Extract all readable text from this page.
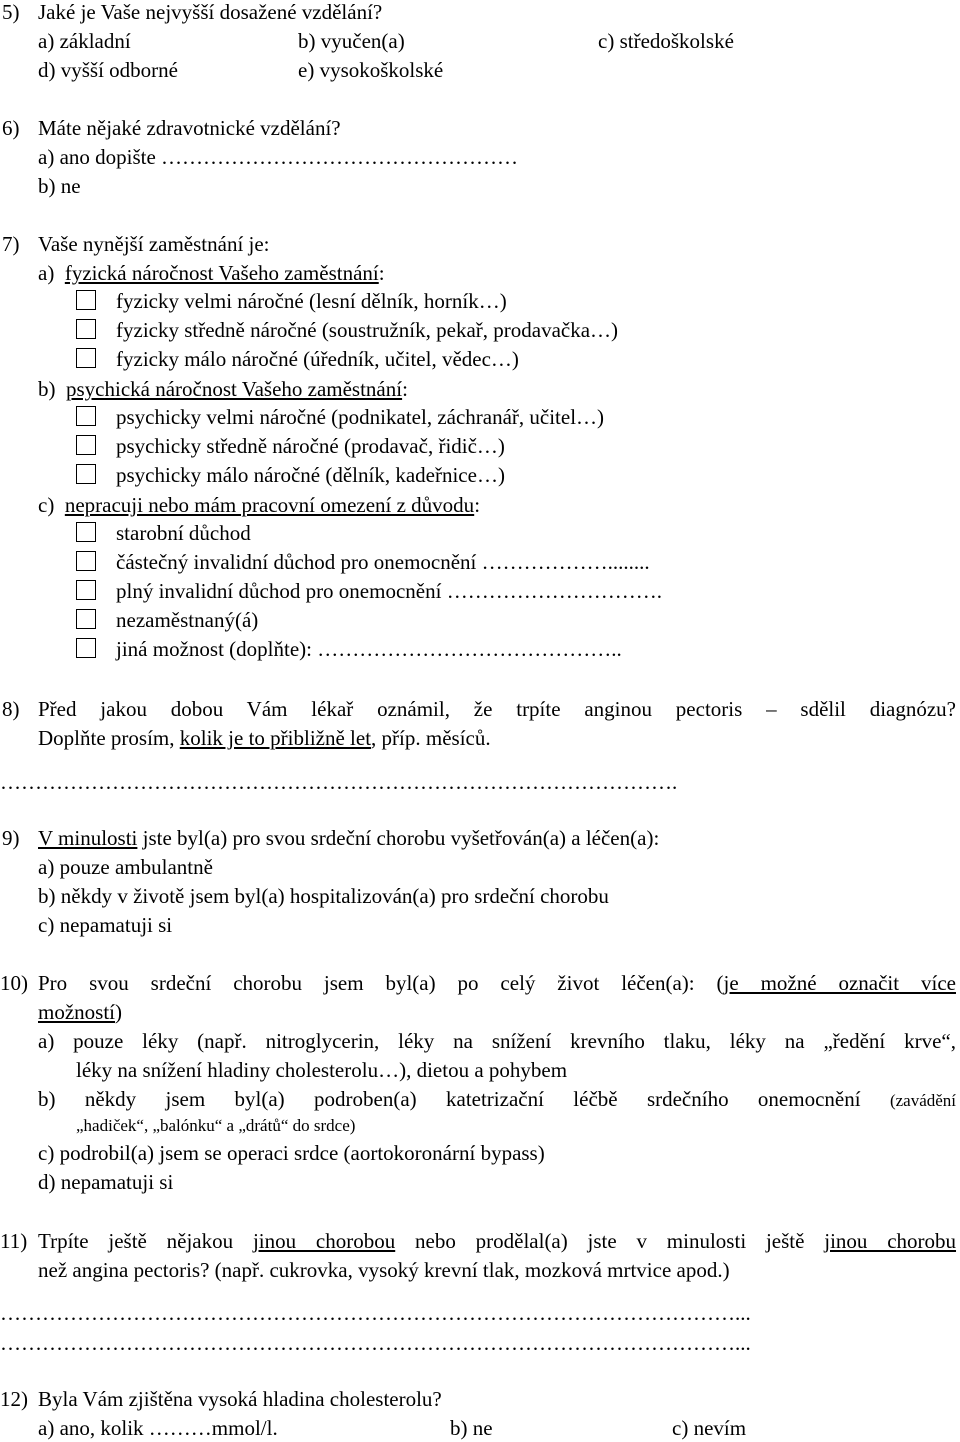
5) Jaké je Vaše nejvyšší dosažené vzdělání?
a) základní	b) vyučen(a)	c) středoškolské
d) vyšší odborné	e) vysokoškolské
6) Máte nějaké zdravotnické vzdělání?
a) ano dopište ……………………………………………
b) ne
7) Vaše nynější zaměstnání je:
a) fyzická náročnost Vašeho zaměstnání:
fyzicky velmi náročné (lesní dělník, horník…)
fyzicky středně náročné (soustružník, pekař, prodavačka…)
fyzicky málo náročné (úředník, učitel, vědec…)
b) psychická náročnost Vašeho zaměstnání:
psychicky velmi náročné (podnikatel, záchranář, učitel…)
psychicky středně náročné (prodavač, řidič…)
psychicky málo náročné (dělník, kadeřnice…)
c) nepracuji nebo mám pracovní omezení z důvodu:
starobní důchod
částečný invalidní důchod pro onemocnění ………………........
plný invalidní důchod pro onemocnění ………………………….
nezaměstnaný(á)
jiná možnost (doplňte): ……………………………………..
8) Před jakou dobou Vám lékař oznámil, že trpíte anginou pectoris – sdělil diagnózu?
Doplňte prosím, kolik je to přibližně let, příp. měsíců.
…………………………………………………………………………………….
9) V minulosti jste byl(a) pro svou srdeční chorobu vyšetřován(a) a léčen(a):
a) pouze ambulantně
b) někdy v životě jsem byl(a) hospitalizován(a) pro srdeční chorobu
c) nepamatuji si
10) Pro svou srdeční chorobu jsem byl(a) po celý život léčen(a): (je možné označit více
možností)
a) pouze léky (např. nitroglycerin, léky na snížení krevního tlaku, léky na „ředění krve“,
léky na snížení hladiny cholesterolu…), dietou a pohybem
b) někdy jsem byl(a) podroben(a) katetrizační léčbě srdečního onemocnění (zavádění
„hadiček“, „balónku“ a „drátů“ do srdce)
c) podrobil(a) jsem se operaci srdce (aortokoronární bypass)
d) nepamatuji si
11) Trpíte ještě nějakou jinou chorobou nebo prodělal(a) jste v minulosti ještě jinou chorobu
než angina pectoris? (např. cukrovka, vysoký krevní tlak, mozková mrtvice apod.)
……………………………………………………………………………………………...
……………………………………………………………………………………………...
12) Byla Vám zjištěna vysoká hladina cholesterolu?
a) ano, kolik ………mmol/l.	b) ne	c) nevím
